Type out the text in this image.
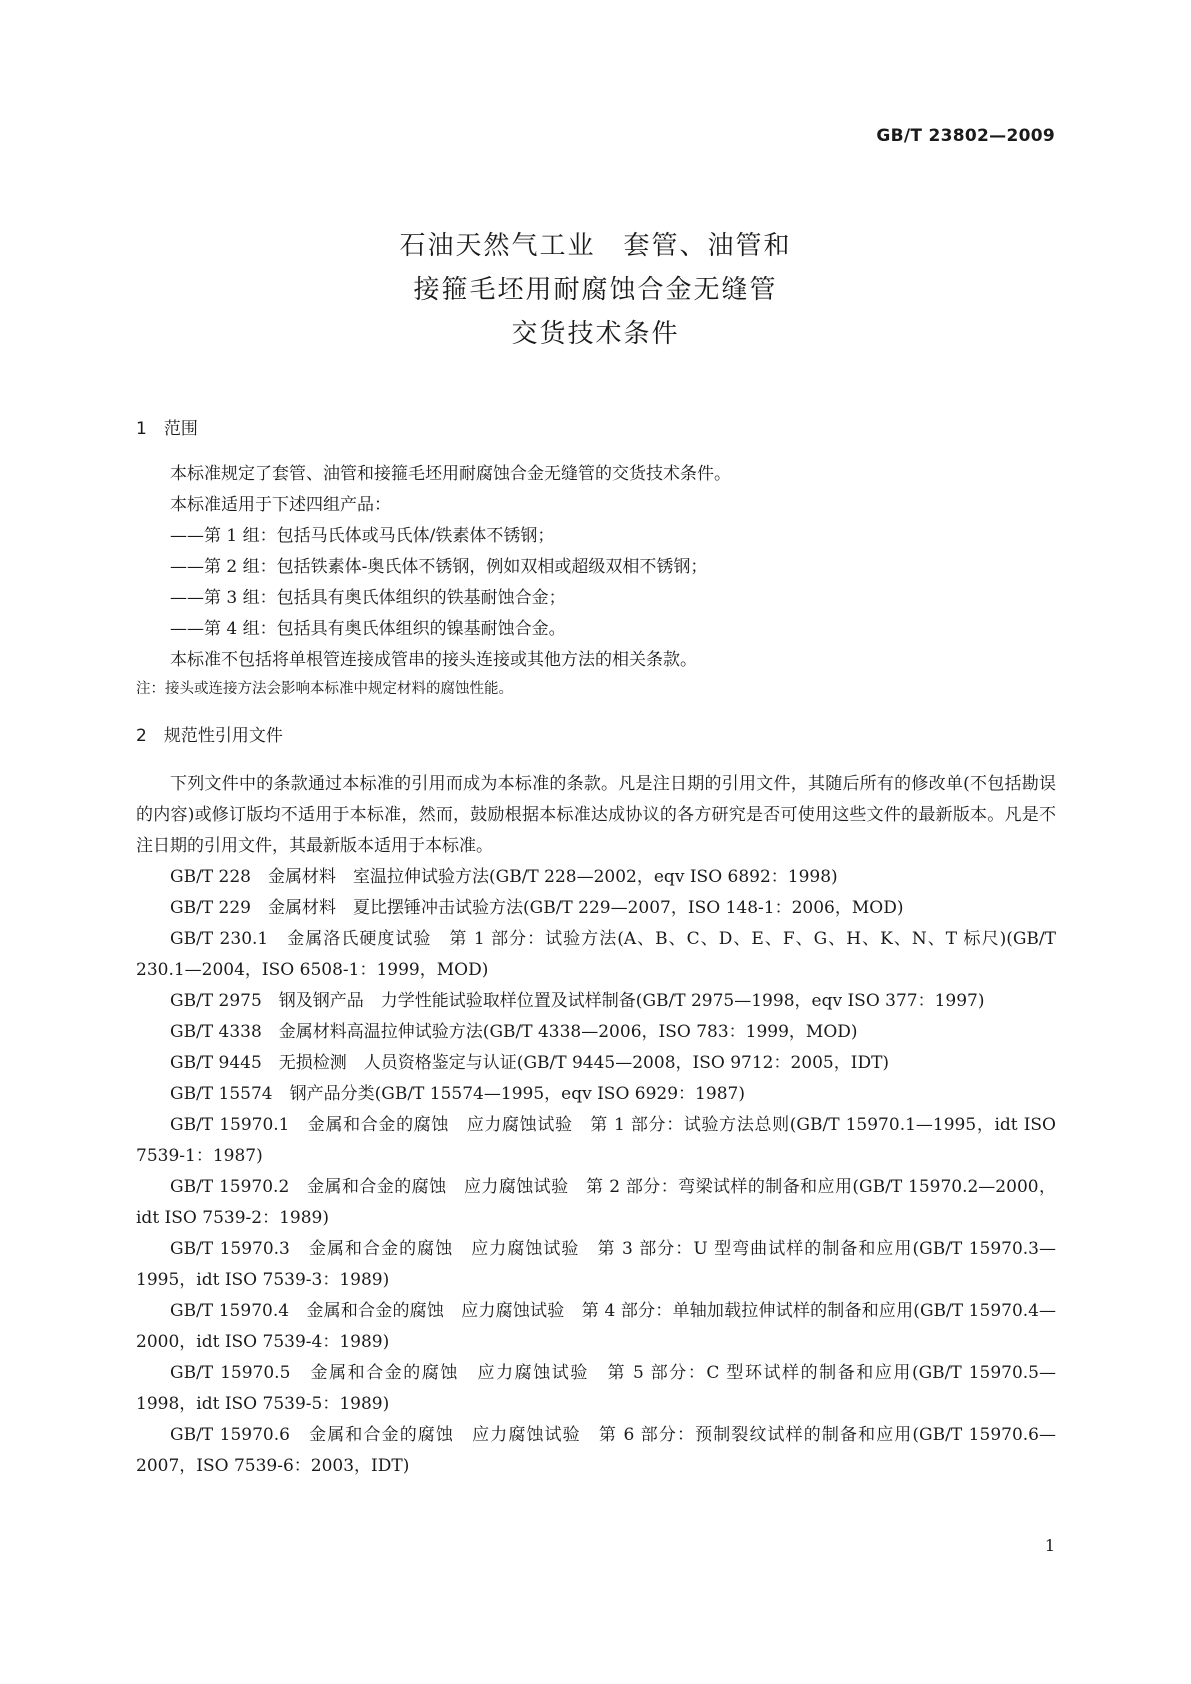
GB/T 23802—2009
石油天然气工业　套管、油管和
接箍毛坯用耐腐蚀合金无缝管
交货技术条件
1　范围

本标准规定了套管、油管和接箍毛坯用耐腐蚀合金无缝管的交货技术条件。

本标准适用于下述四组产品：

——第 1 组：包括马氏体或马氏体/铁素体不锈钢；

——第 2 组：包括铁素体-奥氏体不锈钢，例如双相或超级双相不锈钢；

——第 3 组：包括具有奥氏体组织的铁基耐蚀合金；

——第 4 组：包括具有奥氏体组织的镍基耐蚀合金。

本标准不包括将单根管连接成管串的接头连接或其他方法的相关条款。

注：接头或连接方法会影响本标准中规定材料的腐蚀性能。
2　规范性引用文件

下列文件中的条款通过本标准的引用而成为本标准的条款。凡是注日期的引用文件，其随后所有的修改单(不包括勘误的内容)或修订版均不适用于本标准，然而，鼓励根据本标准达成协议的各方研究是否可使用这些文件的最新版本。凡是不注日期的引用文件，其最新版本适用于本标准。

GB/T 228　金属材料　室温拉伸试验方法(GB/T 228—2002，eqv ISO 6892：1998)

GB/T 229　金属材料　夏比摆锤冲击试验方法(GB/T 229—2007，ISO 148-1：2006，MOD)

GB/T 230.1　金属洛氏硬度试验　第 1 部分：试验方法(A、B、C、D、E、F、G、H、K、N、T 标尺)(GB/T 230.1—2004，ISO 6508-1：1999，MOD)

GB/T 2975　钢及钢产品　力学性能试验取样位置及试样制备(GB/T 2975—1998，eqv ISO 377：1997)

GB/T 4338　金属材料高温拉伸试验方法(GB/T 4338—2006，ISO 783：1999，MOD)

GB/T 9445　无损检测　人员资格鉴定与认证(GB/T 9445—2008，ISO 9712：2005，IDT)

GB/T 15574　钢产品分类(GB/T 15574—1995，eqv ISO 6929：1987)

GB/T 15970.1　金属和合金的腐蚀　应力腐蚀试验　第 1 部分：试验方法总则(GB/T 15970.1—1995，idt ISO 7539-1：1987)

GB/T 15970.2　金属和合金的腐蚀　应力腐蚀试验　第 2 部分：弯梁试样的制备和应用(GB/T 15970.2—2000，idt ISO 7539-2：1989)

GB/T 15970.3　金属和合金的腐蚀　应力腐蚀试验　第 3 部分：U 型弯曲试样的制备和应用(GB/T 15970.3—1995，idt ISO 7539-3：1989)

GB/T 15970.4　金属和合金的腐蚀　应力腐蚀试验　第 4 部分：单轴加载拉伸试样的制备和应用(GB/T 15970.4—2000，idt ISO 7539-4：1989)

GB/T 15970.5　金属和合金的腐蚀　应力腐蚀试验　第 5 部分：C 型环试样的制备和应用(GB/T 15970.5—1998，idt ISO 7539-5：1989)

GB/T 15970.6　金属和合金的腐蚀　应力腐蚀试验　第 6 部分：预制裂纹试样的制备和应用(GB/T 15970.6—2007，ISO 7539-6：2003，IDT)

1
